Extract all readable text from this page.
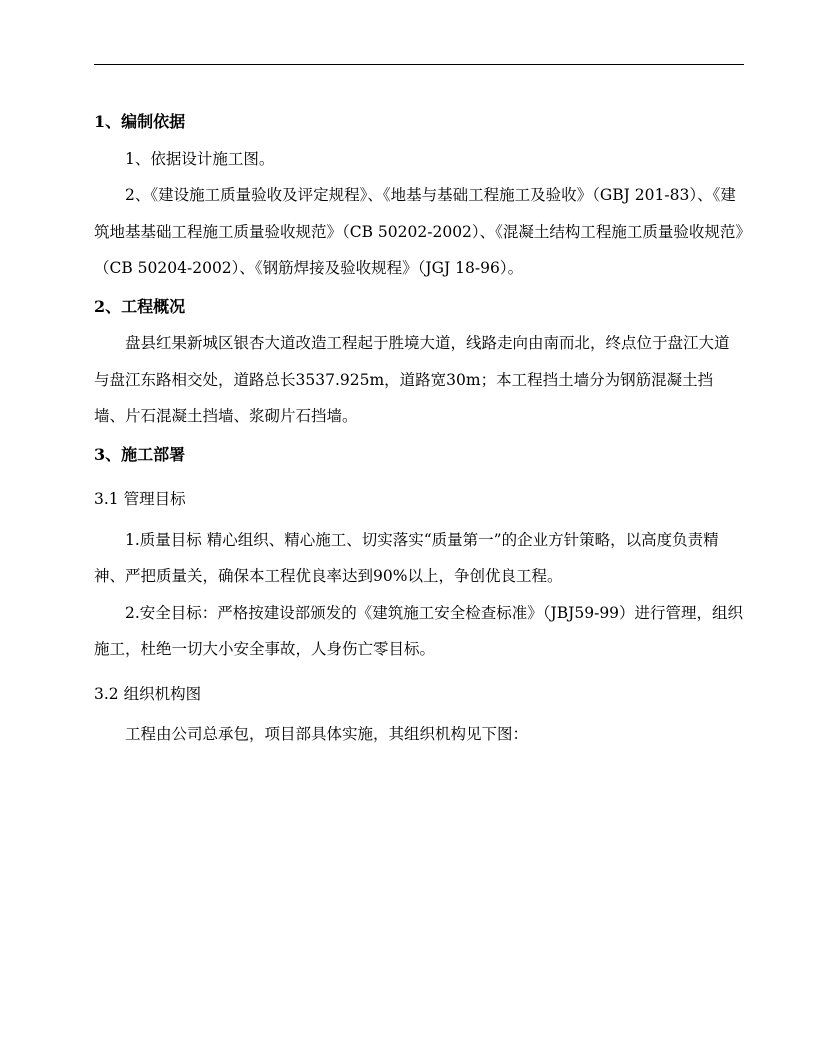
1、编制依据

1、依据设计施工图。

2、《建设施工质量验收及评定规程》、《地基与基础工程施工及验收》（GBJ 201-83）、《建筑地基基础工程施工质量验收规范》（CB 50202-2002）、《混凝土结构工程施工质量验收规范》（CB 50204-2002）、《钢筋焊接及验收规程》（JGJ 18-96）。

2、工程概况

盘县红果新城区银杏大道改造工程起于胜境大道，线路走向由南而北，终点位于盘江大道与盘江东路相交处，道路总长3537.925m，道路宽30m；本工程挡土墙分为钢筋混凝土挡墙、片石混凝土挡墙、浆砌片石挡墙。

3、施工部署

3.1 管理目标

1.质量目标 精心组织、精心施工、切实落实“质量第一”的企业方针策略，以高度负责精神、严把质量关，确保本工程优良率达到90%以上，争创优良工程。

2.安全目标：严格按建设部颁发的《建筑施工安全检查标准》（JBJ59-99）进行管理，组织施工，杜绝一切大小安全事故，人身伤亡零目标。

3.2 组织机构图

工程由公司总承包，项目部具体实施，其组织机构见下图：
